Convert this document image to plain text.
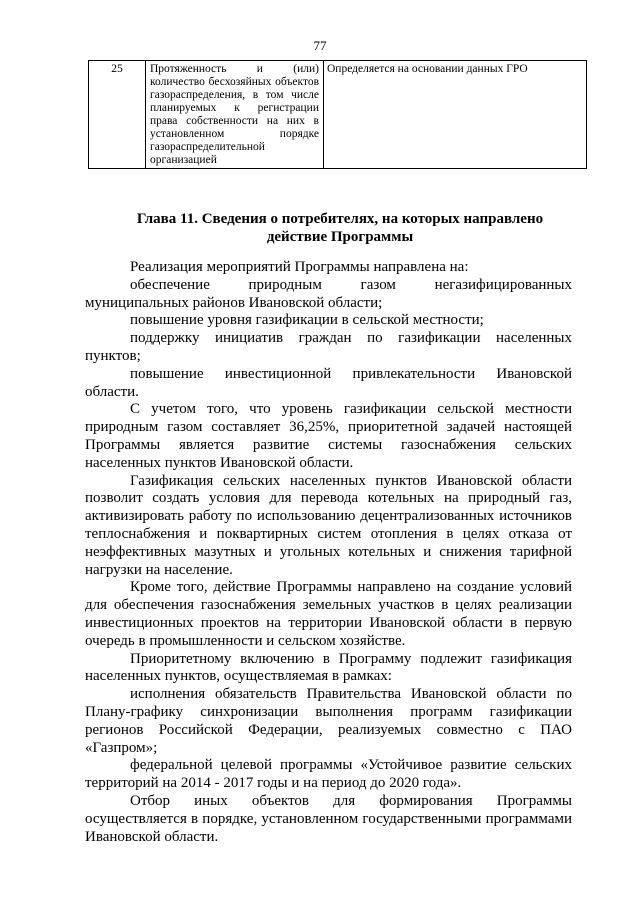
77
25	Протяженность и (или) количество бесхозяйных объектов газораспределения, в том числе планируемых к регистрации права собственности на них в установленном порядке газораспределительной организацией	Определяется на основании данных ГРО
Глава 11. Сведения о потребителях, на которых направлено действие Программы

Реализация мероприятий Программы направлена на:

обеспечение природным газом негазифицированных муниципальных районов Ивановской области;

повышение уровня газификации в сельской местности;

поддержку инициатив граждан по газификации населенных пунктов;

повышение инвестиционной привлекательности Ивановской области.

С учетом того, что уровень газификации сельской местности природным газом составляет 36,25%, приоритетной задачей настоящей Программы является развитие системы газоснабжения сельских населенных пунктов Ивановской области.

Газификация сельских населенных пунктов Ивановской области позволит создать условия для перевода котельных на природный газ, активизировать работу по использованию децентрализованных источников теплоснабжения и поквартирных систем отопления в целях отказа от неэффективных мазутных и угольных котельных и снижения тарифной нагрузки на население.

Кроме того, действие Программы направлено на создание условий для обеспечения газоснабжения земельных участков в целях реализации инвестиционных проектов на территории Ивановской области в первую очередь в промышленности и сельском хозяйстве.

Приоритетному включению в Программу подлежит газификация населенных пунктов, осуществляемая в рамках:

исполнения обязательств Правительства Ивановской области по Плану-графику синхронизации выполнения программ газификации регионов Российской Федерации, реализуемых совместно с ПАО «Газпром»;

федеральной целевой программы «Устойчивое развитие сельских территорий на 2014 - 2017 годы и на период до 2020 года».

Отбор иных объектов для формирования Программы осуществляется в порядке, установленном государственными программами Ивановской области.
